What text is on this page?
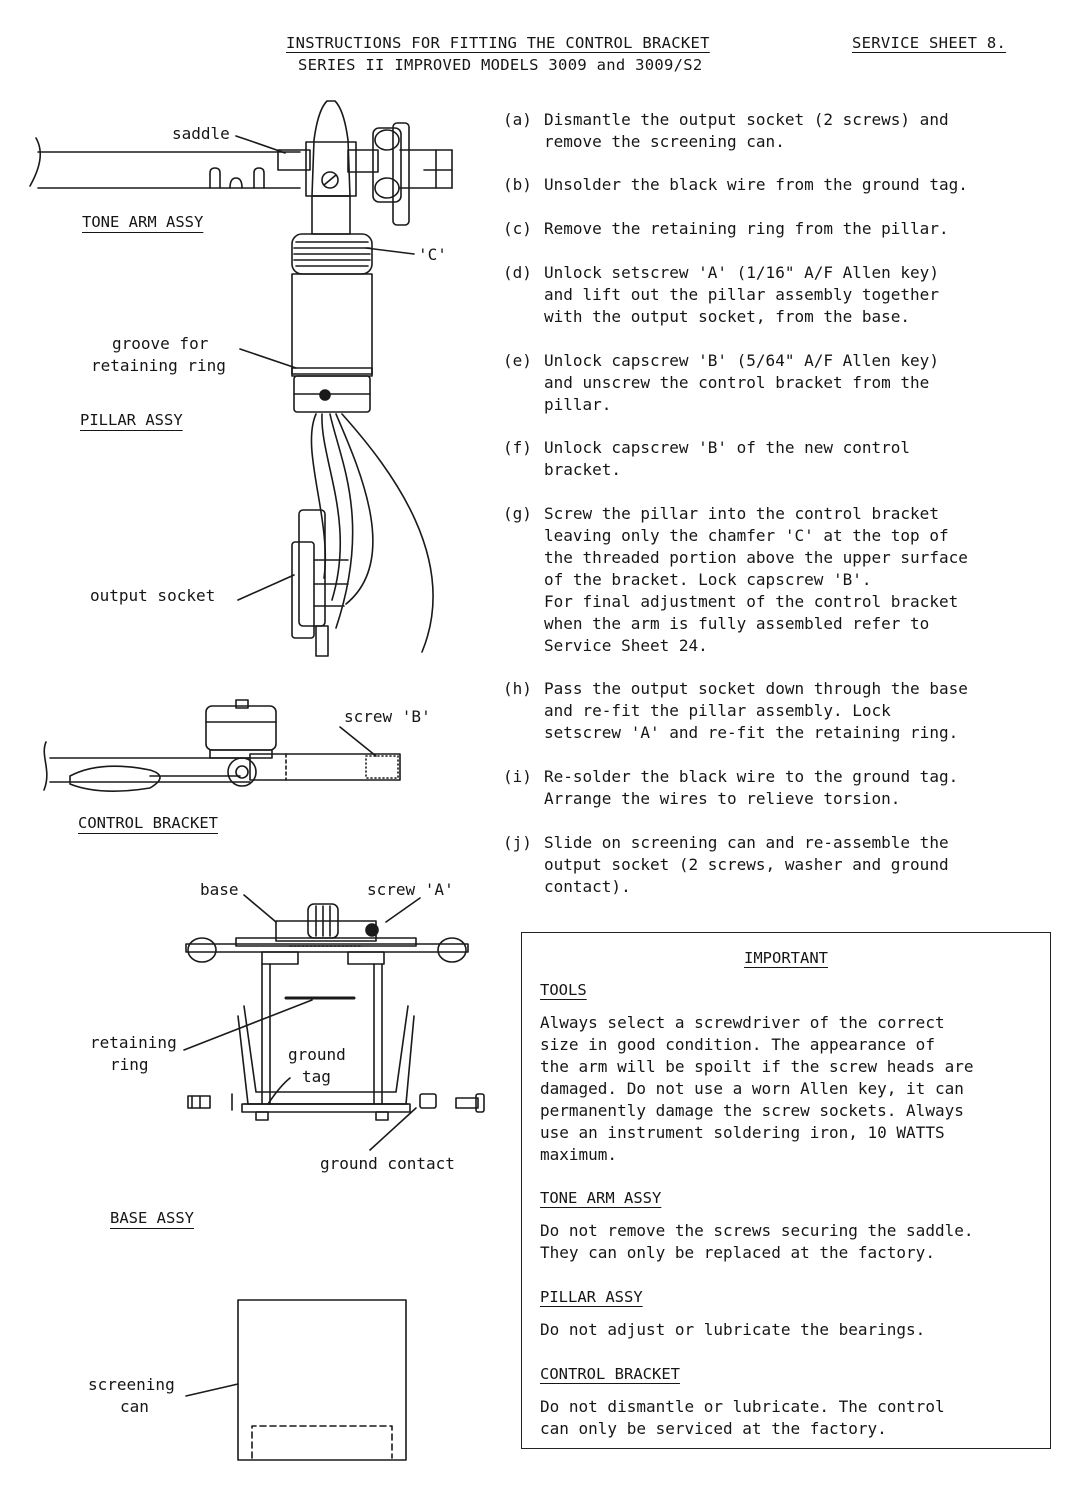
INSTRUCTIONS FOR FITTING THE CONTROL BRACKET
SERIES II IMPROVED MODELS 3009 and 3009/S2
SERVICE SHEET 8.
saddle
TONE ARM ASSY
'C'
groove for
retaining ring
PILLAR ASSY
output socket
screw 'B'
CONTROL BRACKET
base	screw 'A'
retaining
ring
ground
tag
ground contact
BASE ASSY
screening
can
(a) Dismantle the output socket (2 screws) and
remove the screening can.
(b) Unsolder the black wire from the ground tag.
(c) Remove the retaining ring from the pillar.
(d) Unlock setscrew 'A' (1/16" A/F Allen key)
and lift out the pillar assembly together
with the output socket, from the base.
(e) Unlock capscrew 'B' (5/64" A/F Allen key)
and unscrew the control bracket from the
pillar.
(f) Unlock capscrew 'B' of the new control
bracket.
(g) Screw the pillar into the control bracket
leaving only the chamfer 'C' at the top of
the threaded portion above the upper surface
of the bracket. Lock capscrew 'B'.
For final adjustment of the control bracket
when the arm is fully assembled refer to
Service Sheet 24.
(h) Pass the output socket down through the base
and re-fit the pillar assembly. Lock
setscrew 'A' and re-fit the retaining ring.
(i) Re-solder the black wire to the ground tag.
Arrange the wires to relieve torsion.
(j) Slide on screening can and re-assemble the
output socket (2 screws, washer and ground
contact).
IMPORTANT
TOOLS
Always select a screwdriver of the correct
size in good condition. The appearance of
the arm will be spoilt if the screw heads are
damaged. Do not use a worn Allen key, it can
permanently damage the screw sockets. Always
use an instrument soldering iron, 10 WATTS
maximum.
TONE ARM ASSY
Do not remove the screws securing the saddle.
They can only be replaced at the factory.
PILLAR ASSY
Do not adjust or lubricate the bearings.
CONTROL BRACKET
Do not dismantle or lubricate. The control
can only be serviced at the factory.
